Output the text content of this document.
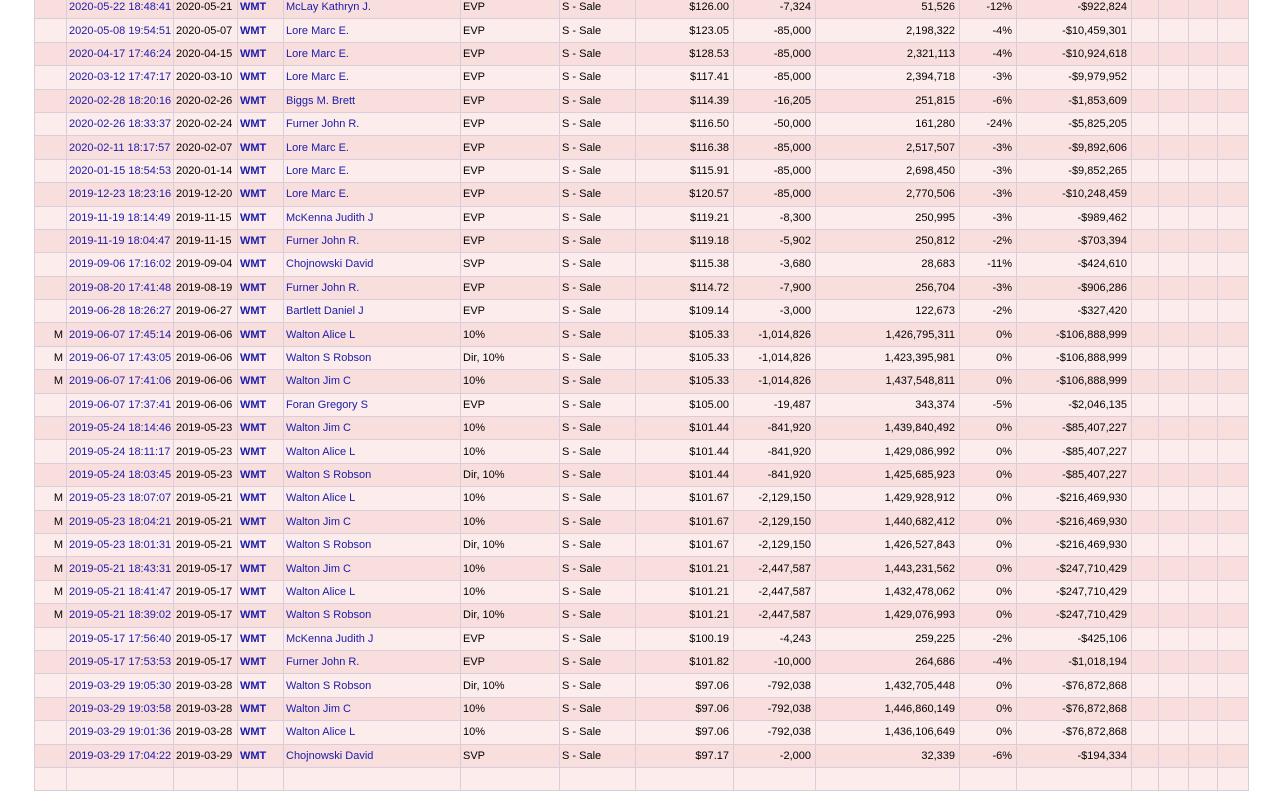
	2020-05-22 18:48:41	2020-05-21	WMT	McLay Kathryn J.	EVP	S - Sale	$126.00	-7,324	51,526	-12%	-$922,824				
	2020-05-08 19:54:51	2020-05-07	WMT	Lore Marc E.	EVP	S - Sale	$123.05	-85,000	2,198,322	-4%	-$10,459,301				
	2020-04-17 17:46:24	2020-04-15	WMT	Lore Marc E.	EVP	S - Sale	$128.53	-85,000	2,321,113	-4%	-$10,924,618				
	2020-03-12 17:47:17	2020-03-10	WMT	Lore Marc E.	EVP	S - Sale	$117.41	-85,000	2,394,718	-3%	-$9,979,952				
	2020-02-28 18:20:16	2020-02-26	WMT	Biggs M. Brett	EVP	S - Sale	$114.39	-16,205	251,815	-6%	-$1,853,609				
	2020-02-26 18:33:37	2020-02-24	WMT	Furner John R.	EVP	S - Sale	$116.50	-50,000	161,280	-24%	-$5,825,205				
	2020-02-11 18:17:57	2020-02-07	WMT	Lore Marc E.	EVP	S - Sale	$116.38	-85,000	2,517,507	-3%	-$9,892,606				
	2020-01-15 18:54:53	2020-01-14	WMT	Lore Marc E.	EVP	S - Sale	$115.91	-85,000	2,698,450	-3%	-$9,852,265				
	2019-12-23 18:23:16	2019-12-20	WMT	Lore Marc E.	EVP	S - Sale	$120.57	-85,000	2,770,506	-3%	-$10,248,459				
	2019-11-19 18:14:49	2019-11-15	WMT	McKenna Judith J	EVP	S - Sale	$119.21	-8,300	250,995	-3%	-$989,462				
	2019-11-19 18:04:47	2019-11-15	WMT	Furner John R.	EVP	S - Sale	$119.18	-5,902	250,812	-2%	-$703,394				
	2019-09-06 17:16:02	2019-09-04	WMT	Chojnowski David	SVP	S - Sale	$115.38	-3,680	28,683	-11%	-$424,610				
	2019-08-20 17:41:48	2019-08-19	WMT	Furner John R.	EVP	S - Sale	$114.72	-7,900	256,704	-3%	-$906,286				
	2019-06-28 18:26:27	2019-06-27	WMT	Bartlett Daniel J	EVP	S - Sale	$109.14	-3,000	122,673	-2%	-$327,420				
M	2019-06-07 17:45:14	2019-06-06	WMT	Walton Alice L	10%	S - Sale	$105.33	-1,014,826	1,426,795,311	0%	-$106,888,999				
M	2019-06-07 17:43:05	2019-06-06	WMT	Walton S Robson	Dir, 10%	S - Sale	$105.33	-1,014,826	1,423,395,981	0%	-$106,888,999				
M	2019-06-07 17:41:06	2019-06-06	WMT	Walton Jim C	10%	S - Sale	$105.33	-1,014,826	1,437,548,811	0%	-$106,888,999				
	2019-06-07 17:37:41	2019-06-06	WMT	Foran Gregory S	EVP	S - Sale	$105.00	-19,487	343,374	-5%	-$2,046,135				
	2019-05-24 18:14:46	2019-05-23	WMT	Walton Jim C	10%	S - Sale	$101.44	-841,920	1,439,840,492	0%	-$85,407,227				
	2019-05-24 18:11:17	2019-05-23	WMT	Walton Alice L	10%	S - Sale	$101.44	-841,920	1,429,086,992	0%	-$85,407,227				
	2019-05-24 18:03:45	2019-05-23	WMT	Walton S Robson	Dir, 10%	S - Sale	$101.44	-841,920	1,425,685,923	0%	-$85,407,227				
M	2019-05-23 18:07:07	2019-05-21	WMT	Walton Alice L	10%	S - Sale	$101.67	-2,129,150	1,429,928,912	0%	-$216,469,930				
M	2019-05-23 18:04:21	2019-05-21	WMT	Walton Jim C	10%	S - Sale	$101.67	-2,129,150	1,440,682,412	0%	-$216,469,930				
M	2019-05-23 18:01:31	2019-05-21	WMT	Walton S Robson	Dir, 10%	S - Sale	$101.67	-2,129,150	1,426,527,843	0%	-$216,469,930				
M	2019-05-21 18:43:31	2019-05-17	WMT	Walton Jim C	10%	S - Sale	$101.21	-2,447,587	1,443,231,562	0%	-$247,710,429				
M	2019-05-21 18:41:47	2019-05-17	WMT	Walton Alice L	10%	S - Sale	$101.21	-2,447,587	1,432,478,062	0%	-$247,710,429				
M	2019-05-21 18:39:02	2019-05-17	WMT	Walton S Robson	Dir, 10%	S - Sale	$101.21	-2,447,587	1,429,076,993	0%	-$247,710,429				
	2019-05-17 17:56:40	2019-05-17	WMT	McKenna Judith J	EVP	S - Sale	$100.19	-4,243	259,225	-2%	-$425,106				
	2019-05-17 17:53:53	2019-05-17	WMT	Furner John R.	EVP	S - Sale	$101.82	-10,000	264,686	-4%	-$1,018,194				
	2019-03-29 19:05:30	2019-03-28	WMT	Walton S Robson	Dir, 10%	S - Sale	$97.06	-792,038	1,432,705,448	0%	-$76,872,868				
	2019-03-29 19:03:58	2019-03-28	WMT	Walton Jim C	10%	S - Sale	$97.06	-792,038	1,446,860,149	0%	-$76,872,868				
	2019-03-29 19:01:36	2019-03-28	WMT	Walton Alice L	10%	S - Sale	$97.06	-792,038	1,436,106,649	0%	-$76,872,868				
	2019-03-29 17:04:22	2019-03-29	WMT	Chojnowski David	SVP	S - Sale	$97.17	-2,000	32,339	-6%	-$194,334				
